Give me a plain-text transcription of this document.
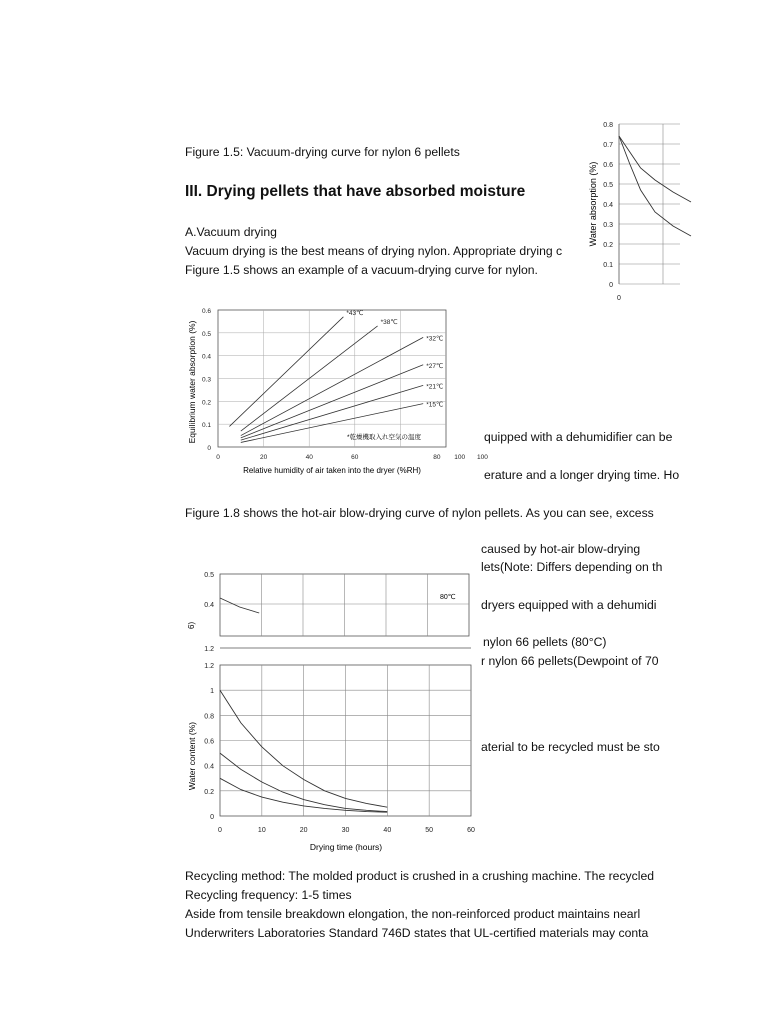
Figure 1.5: Vacuum-drying curve for nylon 6 pellets
III. Drying pellets that have absorbed moisture
A.Vacuum drying
Vacuum drying is the best means of drying nylon. Appropriate drying c
Figure 1.5 shows an example of a vacuum-drying curve for nylon.
quipped with a dehumidifier can be
erature and a longer drying time. Ho
Figure 1.8 shows the hot-air blow-drying curve of nylon pellets. As you can see, excess
caused by hot-air blow-drying
lets(Note: Differs depending on th
dryers equipped with a dehumidi
nylon 66 pellets (80°C)
r nylon 66 pellets(Dewpoint of 70
aterial to be recycled must be sto
Recycling method: The molded product is crushed in a crushing machine. The recycled
Recycling frequency: 1-5 times
Aside from tensile breakdown elongation, the non-reinforced product maintains nearl
Underwriters Laboratories Standard 746D states that UL-certified materials may conta
0.8
0.7
0.6
0.5
0.4
0.3
0.2
0.1
0
Water absorption (%)
0
0.6
0.5
0.4
0.3
0.2
0.1
0
0	20	40	60	80 100 100
*43℃
*38℃
*32℃
*27℃
*21℃
*15℃
*乾燥機取入れ空気の温度
Relative humidity of air taken into the dryer (%RH)
Equilibrium water absorption (%)
0.5
0.4
80℃
6)
1.2
1.2
1
0.8
0.6
0.4
0.2
0
0	10	20	30	40	50	60
Drying time (hours)
Water content (%)
